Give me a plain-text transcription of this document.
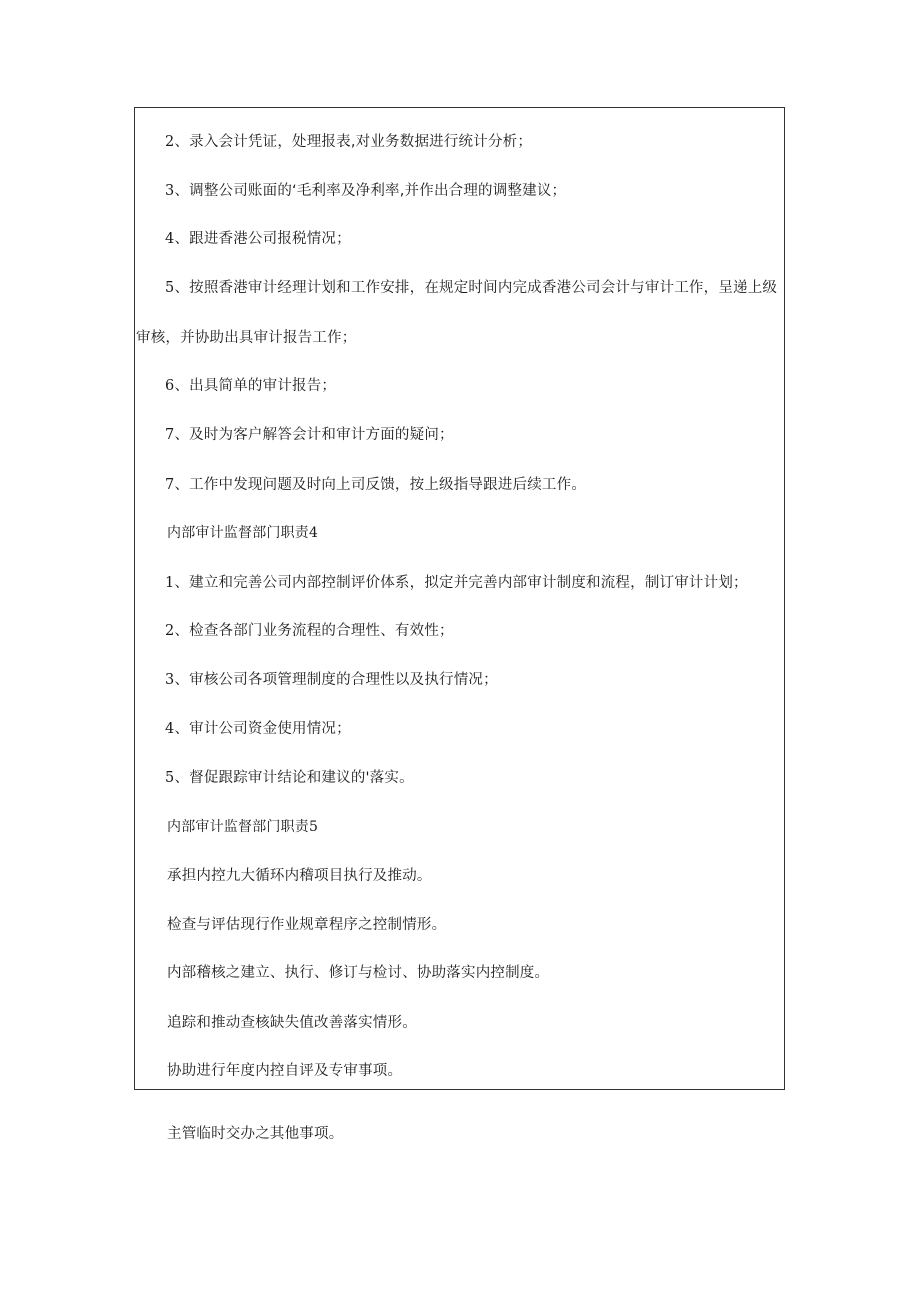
2、录入会计凭证，处理报表,对业务数据进行统计分析；
3、调整公司账面的‘毛利率及净利率,并作出合理的调整建议；
4、跟进香港公司报税情况；
5、按照香港审计经理计划和工作安排，在规定时间内完成香港公司会计与审计工作，呈递上级
审核，并协助出具审计报告工作；
6、出具简单的审计报告；
7、及时为客户解答会计和审计方面的疑问；
7、工作中发现问题及时向上司反馈，按上级指导跟进后续工作。
内部审计监督部门职责4
1、建立和完善公司内部控制评价体系，拟定并完善内部审计制度和流程，制订审计计划；
2、检查各部门业务流程的合理性、有效性；
3、审核公司各项管理制度的合理性以及执行情况；
4、审计公司资金使用情况；
5、督促跟踪审计结论和建议的'落实。
内部审计监督部门职责5
承担内控九大循环内稽项目执行及推动。
检查与评估现行作业规章程序之控制情形。
内部稽核之建立、执行、修订与检讨、协助落实内控制度。
追踪和推动查核缺失值改善落实情形。
协助进行年度内控自评及专审事项。
主管临时交办之其他事项。
